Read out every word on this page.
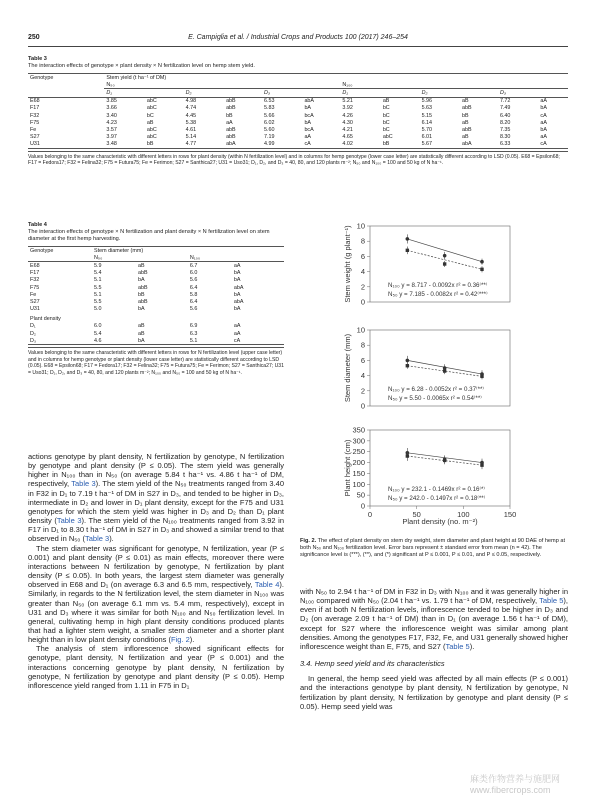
250	E. Campiglia et al. / Industrial Crops and Products 100 (2017) 246–254
Table 3
The interaction effects of genotype × plant density × N fertilization level on hemp stem yield.
Genotype	Stem yield (t ha⁻¹ of DM)											
	N₅₀						N₁₀₀					
	D₁		D₂		D₃		D₁		D₂		D₃	
E68	3.85	abC	4.98	abB	6.53	abA	5.21	aB	5.96	aB	7.72	aA
F17	3.66	abC	4.74	abB	5.83	bA	3.92	bC	5.63	abB	7.49	bA
F32	3.40	bC	4.45	bB	5.66	bcA	4.26	bC	5.15	bB	6.40	cA
F75	4.23	aB	5.38	aA	6.02	bA	4.30	bC	6.14	aB	8.20	aA
Fe	3.57	abC	4.61	abB	5.60	bcA	4.21	bC	5.70	abB	7.35	bA
S27	3.97	abC	5.14	abB	7.19	aA	4.65	abC	6.01	aB	8.30	aA
U31	3.48	bB	4.77	abA	4.99	cA	4.02	bB	5.67	abA	6.33	cA
Values belonging to the same characteristic with different letters in rows for plant density (within N fertilization level) and in columns for hemp genotype (lower case letter) are statistically different according to LSD (0.05). E68 = Epsilon68; F17 = Fedora17; F32 = Felina32; F75 = Futura75; Fe = Ferimon; S27 = Santhica27; U31 = Uso31; D₁, D₂, and D₃ = 40, 80, and 120 plants m⁻²; N₅₀ and N₁₀₀ = 100 and 50 kg of N ha⁻¹.
Table 4
The interaction effects of genotype × N fertilization and plant density × N fertilization level on stem diameter at the first hemp harvesting.
Genotype	Stem diameter (mm)			
	N₅₀		N₁₀₀	
E68	5.9	aB	6.7	aA
F17	5.4	abB	6.0	bA
F32	5.1	bA	5.6	bA
F75	5.5	abB	6.4	abA
Fe	5.1	bB	5.8	bA
S27	5.5	abB	6.4	abA
U31	5.0	bA	5.6	bA
Plant density				
D₁	6.0	aB	6.9	aA
D₂	5.4	aB	6.3	aA
D₃	4.6	bA	5.1	cA
Values belonging to the same characteristic with different letters in rows for N fertilization level (upper case letter) and in columns for hemp genotype or plant density (lower case letter) are statistically different according to LSD (0.05). E68 = Epsilon68; F17 = Fedora17; F32 = Felina32; F75 = Futura75; Fe = Ferimon; S27 = Santhica27; U31 = Uso31; D₁, D₂, and D₃ = 40, 80, and 120 plants m⁻²; N₁₀₀ and N₅₀ = 100 and 50 kg of N ha⁻¹.

actions genotype by plant density, N fertilization by genotype, N fertilization by genotype and plant density (P ≤ 0.05). The stem yield was generally higher in N₁₀₀ than in N₅₀ (on average 5.84 t ha⁻¹ vs. 4.86 t ha⁻¹ of DM, respectively, Table 3). The stem yield of the N₅₀ treatments ranged from 3.40 in F32 in D₁ to 7.19 t ha⁻¹ of DM in S27 in D₃, and tended to be higher in D₃, intermediate in D₂ and lower in D₁ plant density, except for the F75 and U31 genotypes for which the stem yield was higher in D₃ and D₂ than D₁ plant density (Table 3). The stem yield of the N₁₀₀ treatments ranged from 3.92 in F17 in D₁ to 8.30 t ha⁻¹ of DM in S27 in D₃ and showed a similar trend to that observed in N₅₀ (Table 3).

The stem diameter was significant for genotype, N fertilization, year (P ≤ 0.001) and plant density (P ≤ 0.01) as main effects, moreover there were interactions between N fertilization by genotype, N fertilization by plant density (P ≤ 0.05). In both years, the largest stem diameter was generally observed in E68 and D₁ (on average 6.3 and 6.5 mm, respectively, Table 4). Similarly, in regards to the N fertilization level, the stem diameter in N₁₀₀ was greater than N₅₀ (on average 6.1 mm vs. 5.4 mm, respectively), except in U31 and D₃ where it was similar for both N₁₀₀ and N₅₀ fertilization level. In general, cultivating hemp in high plant density conditions produced plants that had a lighter stem weight, a smaller stem diameter and a shorter plant height than in low plant density conditions (Fig. 2).

The analysis of stem inflorescence showed significant effects for genotype, plant density, N fertilization and year (P ≤ 0.001) and the interactions concerning genotype by plant density, N fertilization by genotype, N fertilization by genotype and plant density (P ≤ 0.05). Hemp inflorescence yield ranged from 1.11 in F75 in D₁

0
2
4
6
8
10
Stem weight (g plant⁻¹)	N₁₀₀ y = 8.717 - 0.0092x r² = 0.36⁽**⁾
N₅₀ y = 7.185 - 0.0082x r² = 0.42⁽***⁾
0
2
4
6
8
10
Stem diameter (mm)	N₁₀₀ y = 6.28 - 0.0052x r² = 0.37⁽**⁾
N₅₀ y = 5.50 - 0.0065x r² = 0.54⁽**⁾
0
50
100
150
200
250
300
350
Plant height (cm)
0	50	100	150
N₁₀₀ y = 232.1 - 0.1469x r² = 0.16⁽*⁾
N₅₀ y = 242.0 - 0.1497x r² = 0.18⁽**⁾
Plant density (no. m⁻²)
Fig. 2. The effect of plant density on stem dry weight, stem diameter and plant height at 90 DAE of hemp at both N₅₀ and N₁₀₀ fertilization level. Error bars represent ± standard error from mean (n = 42). The significance level is (***), (**), and (*) significant at P ≤ 0.001, P ≤ 0.01, and P ≤ 0.05, respectively.

with N₅₀ to 2.94 t ha⁻¹ of DM in F32 in D₃ with N₁₀₀ and it was generally higher in N₁₀₀ compared with N₅₀ (2.04 t ha⁻¹ vs. 1.79 t ha⁻¹ of DM, respectively, Table 5), even if at both N fertilization levels, inflorescence tended to be higher in D₃ and D₂ (on average 2.09 t ha⁻¹ of DM) than in D₁ (on average 1.56 t ha⁻¹ of DM), except for S27 where the inflorescence weight was similar among plant densities. Among the genotypes F17, F32, Fe, and U31 generally showed higher inflorescence weight than E, F75, and S27 (Table 5).

3.4. Hemp seed yield and its characteristics

In general, the hemp seed yield was affected by all main effects (P ≤ 0.001) and the interactions genotype by plant density, N fertilization by genotype, N fertilization by plant density, N fertilization by genotype and plant density (P ≤ 0.05). Hemp seed yield was

麻类作物营养与施肥网 www.fibercrops.com
